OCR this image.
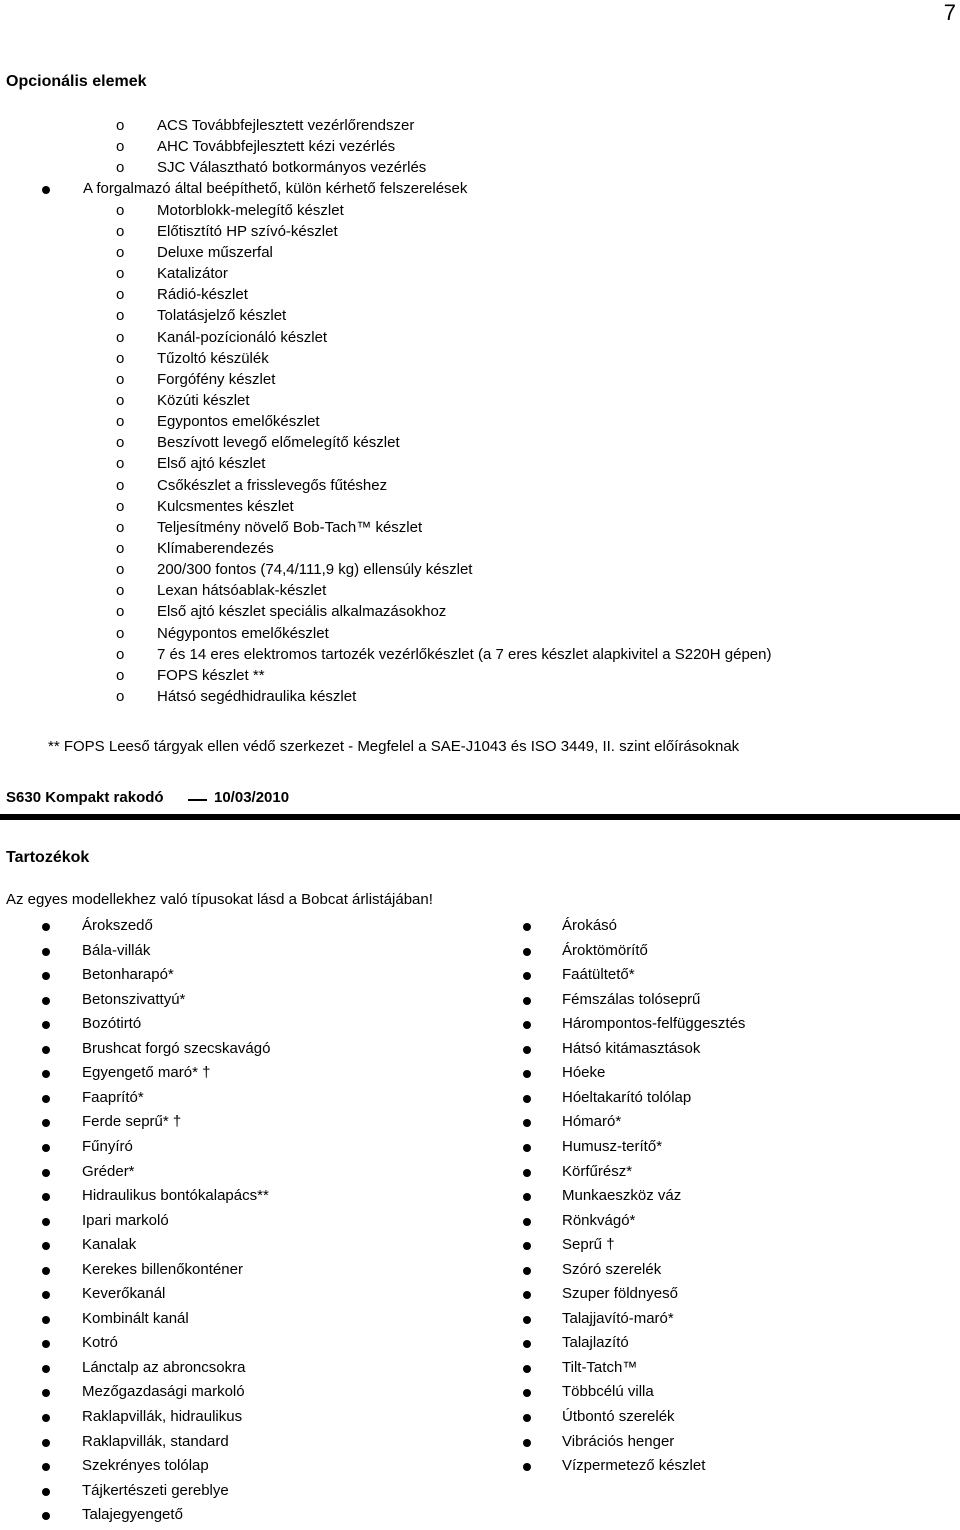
7
Opcionális elemek
o ACS Továbbfejlesztett vezérlőrendszer
o AHC Továbbfejlesztett kézi vezérlés
o SJC Választható botkormányos vezérlés
A forgalmazó által beépíthető, külön kérhető felszerelések
o Motorblokk-melegítő készlet
o Előtisztító HP szívó-készlet
o Deluxe műszerfal
o Katalizátor
o Rádió-készlet
o Tolatásjelző készlet
o Kanál-pozícionáló készlet
o Tűzoltó készülék
o Forgófény készlet
o Közúti készlet
o Egypontos emelőkészlet
o Beszívott levegő előmelegítő készlet
o Első ajtó készlet
o Csőkészlet a frisslevegős fűtéshez
o Kulcsmentes készlet
o Teljesítmény növelő Bob-Tach™ készlet
o Klímaberendezés
o 200/300 fontos (74,4/111,9 kg) ellensúly készlet
o Lexan hátsóablak-készlet
o Első ajtó készlet speciális alkalmazásokhoz
o Négypontos emelőkészlet
o 7 és 14 eres elektromos tartozék vezérlőkészlet (a 7 eres készlet alapkivitel a S220H gépen)
o FOPS készlet **
o Hátsó segédhidraulika készlet
** FOPS Leeső tárgyak ellen védő szerkezet - Megfelel a SAE-J1043 és ISO 3449, II. szint előírásoknak
S630 Kompakt rakodó	10/03/2010
Tartozékok
Az egyes modellekhez való típusokat lásd a Bobcat árlistájában!
Árokszedő
Bála-villák
Betonharapó*
Betonszivattyú*
Bozótirtó
Brushcat forgó szecskavágó
Egyengető maró* †
Faaprító*
Ferde seprű* †
Fűnyíró
Gréder*
Hidraulikus bontókalapács**
Ipari markoló
Kanalak
Kerekes billenőkonténer
Keverőkanál
Kombinált kanál
Kotró
Lánctalp az abroncsokra
Mezőgazdasági markoló
Raklapvillák, hidraulikus
Raklapvillák, standard
Szekrényes tolólap
Tájkertészeti gereblye
Talajegyengető
Árokásó
Ároktömörítő
Faátültető*
Fémszálas tolóseprű
Hárompontos-felfüggesztés
Hátsó kitámasztások
Hóeke
Hóeltakarító tolólap
Hómaró*
Humusz-terítő*
Körfűrész*
Munkaeszköz váz
Rönkvágó*
Seprű †
Szóró szerelék
Szuper földnyeső
Talajjavító-maró*
Talajlazító
Tilt-Tatch™
Többcélú villa
Útbontó szerelék
Vibrációs henger
Vízpermetező készlet
